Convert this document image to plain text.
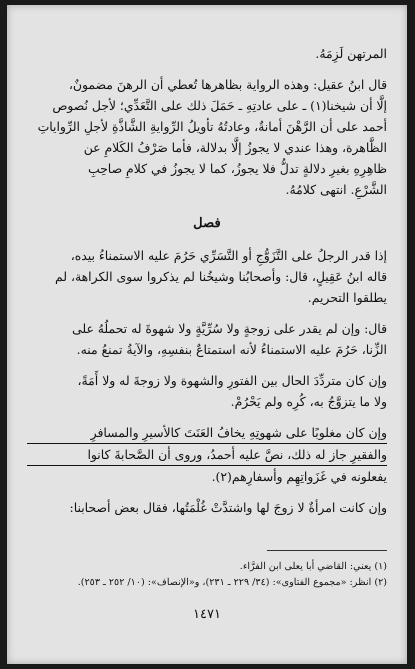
المرتهن لَزِمَهُ.

قال ابنُ عقيل: وهذه الرواية بظاهرها تُعطي أن الرهنَ مضمونٌ،

إلَّا أن شيخنا(١) ـ على عادتِهِ ـ حَمَلَ ذلك على التَّعَدِّي؛ لأجل نُصوص

أحمد على أن الرَّهْنَ أمانةٌ، وعادتُهُ تأويلُ الرِّوايةِ الشَّاذَّةِ لأجلِ الرِّواياتِ

الظَّاهرة، وهذا عندي لا يجوزُ إلَّا بدلالة، فأما صَرْفُ الكَلامِ عن

ظاهِرِهِ بغيرِ دلالةٍ تدلُّ فلا يجوزُ، كما لا يجوزُ في كلامِ صاحِبِ

الشَّرْعِ. انتهى كلامُهُ.

فصل

إذا قدر الرجلُ على التَّزَوُّجِ أو التَّسَرِّي حَرُمَ عليه الاستمناءُ بيده،

قاله ابنُ عَقِيلٍ، قال: وأصحابُنا وشيخُنا لم يذكروا سوى الكراهة، لم

يطلقوا التحريم.

قال: وإن لم يقدر على زوجةٍ ولا سُرِّيَّةٍ ولا شهوةَ له تحملُهُ على

الزِّنا، حَرُمَ عليه الاستمناءُ لأنه استمتاعٌ بنفسِهِ، والآيةُ تمنعُ منه.

وإن كان متردِّدَ الحال بين الفتورِ والشهوة ولا زوجةَ له ولا أَمَةً،

ولا ما يتزوَّجُ به، كُرِه ولم يَحْرُمْ.

وإن كان مغلوبًا على شهوتِهِ يخافُ العَنَتَ كالأسيرِ والمسافرِ

والفقيرِ جاز له ذلك، نصَّ عليه أحمدُ، وروى أن الصَّحابةَ كانوا

يفعلونه في غَزَواتِهِم وأسفارِهم(٢).

وإن كانت امرأةٌ لا زوجَ لها واشتدَّتْ غُلْمَتُها، فقال بعض أصحابنا:

(١) يعني: القاضي أبا يعلى ابن الفرَّاء.

(٢) انظر: «مجموع الفتاوى»: (٣٤/ ٢٢٩ ـ ٢٣١)، و«الإنصاف»: (١٠/ ٢٥٢ ـ ٢٥٣).

١٤٧١
